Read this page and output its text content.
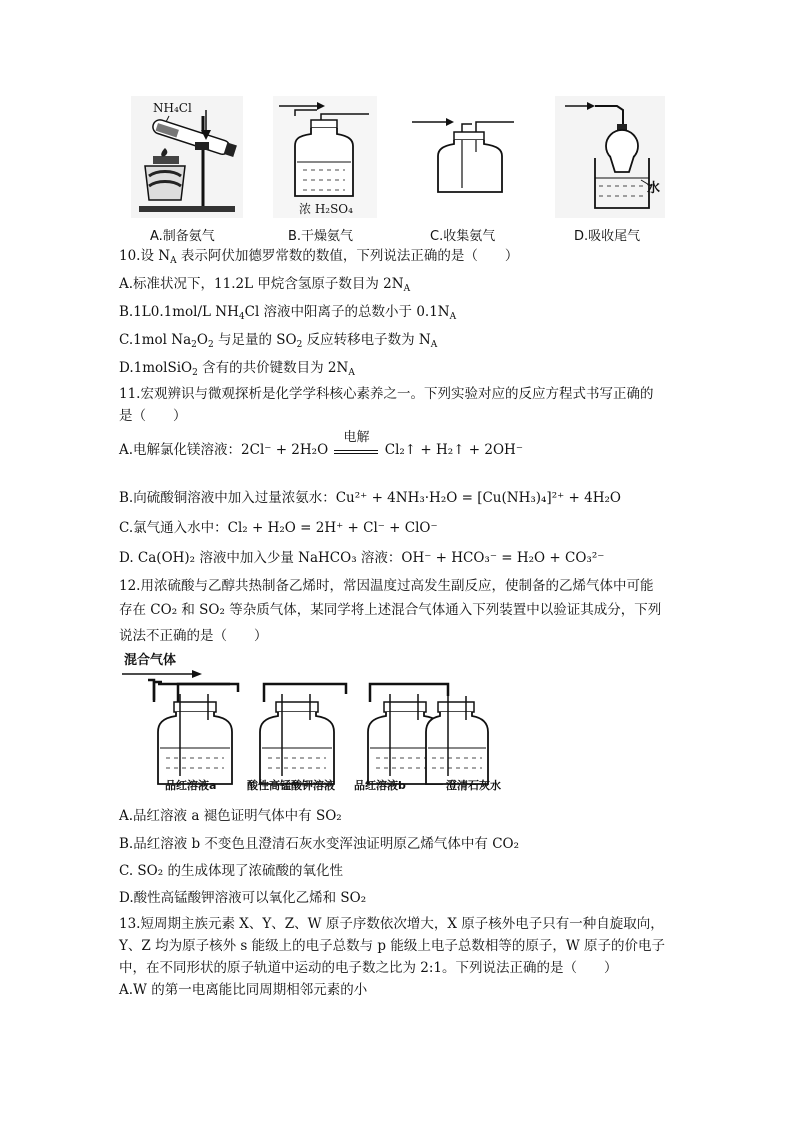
NH₄Cl
浓 H₂SO₄
水
A.制备氨气	B.干燥氨气	C.收集氨气	D.吸收尾气
10.设 $N_A$ 表示阿伏加德罗常数的数值，下列说法正确的是（　　）
A.标准状况下，11.2L 甲烷含氢原子数目为 $2N_A$
B.1L0.1mol/L $NH_4Cl$ 溶液中阳离子的总数小于 $0.1N_A$
C.1mol $Na_2O_2$ 与足量的 $SO_2$ 反应转移电子数为 $N_A$
D.1molSiO$_2$ 含有的共价键数目为 $2N_A$
11.宏观辨识与微观探析是化学学科核心素养之一。下列实验对应的反应方程式书写正确的
是（　　）
A.电解氯化镁溶液：2Cl⁻ + 2H₂O
电解
Cl₂↑ + H₂↑ + 2OH⁻
B.向硫酸铜溶液中加入过量浓氨水：Cu²⁺ + 4NH₃·H₂O = [Cu(NH₃)₄]²⁺ + 4H₂O
C.氯气通入水中：Cl₂ + H₂O = 2H⁺ + Cl⁻ + ClO⁻
D. Ca(OH)₂ 溶液中加入少量 NaHCO₃ 溶液：OH⁻ + HCO₃⁻ = H₂O + CO₃²⁻
12.用浓硫酸与乙醇共热制备乙烯时，常因温度过高发生副反应，使制备的乙烯气体中可能
存在 CO₂ 和 SO₂ 等杂质气体，某同学将上述混合气体通入下列装置中以验证其成分，下列
说法不正确的是（　　）
混合气体
品红溶液a	酸性高锰酸钾溶液 品红溶液b	澄清石灰水
A.品红溶液 a 褪色证明气体中有 SO₂
B.品红溶液 b 不变色且澄清石灰水变浑浊证明原乙烯气体中有 CO₂
C. SO₂ 的生成体现了浓硫酸的氧化性
D.酸性高锰酸钾溶液可以氧化乙烯和 SO₂
13.短周期主族元素 X、Y、Z、W 原子序数依次增大，X 原子核外电子只有一种自旋取向，
Y、Z 均为原子核外 s 能级上的电子总数与 p 能级上电子总数相等的原子，W 原子的价电子
中，在不同形状的原子轨道中运动的电子数之比为 2:1。下列说法正确的是（　　）
A.W 的第一电离能比同周期相邻元素的小
